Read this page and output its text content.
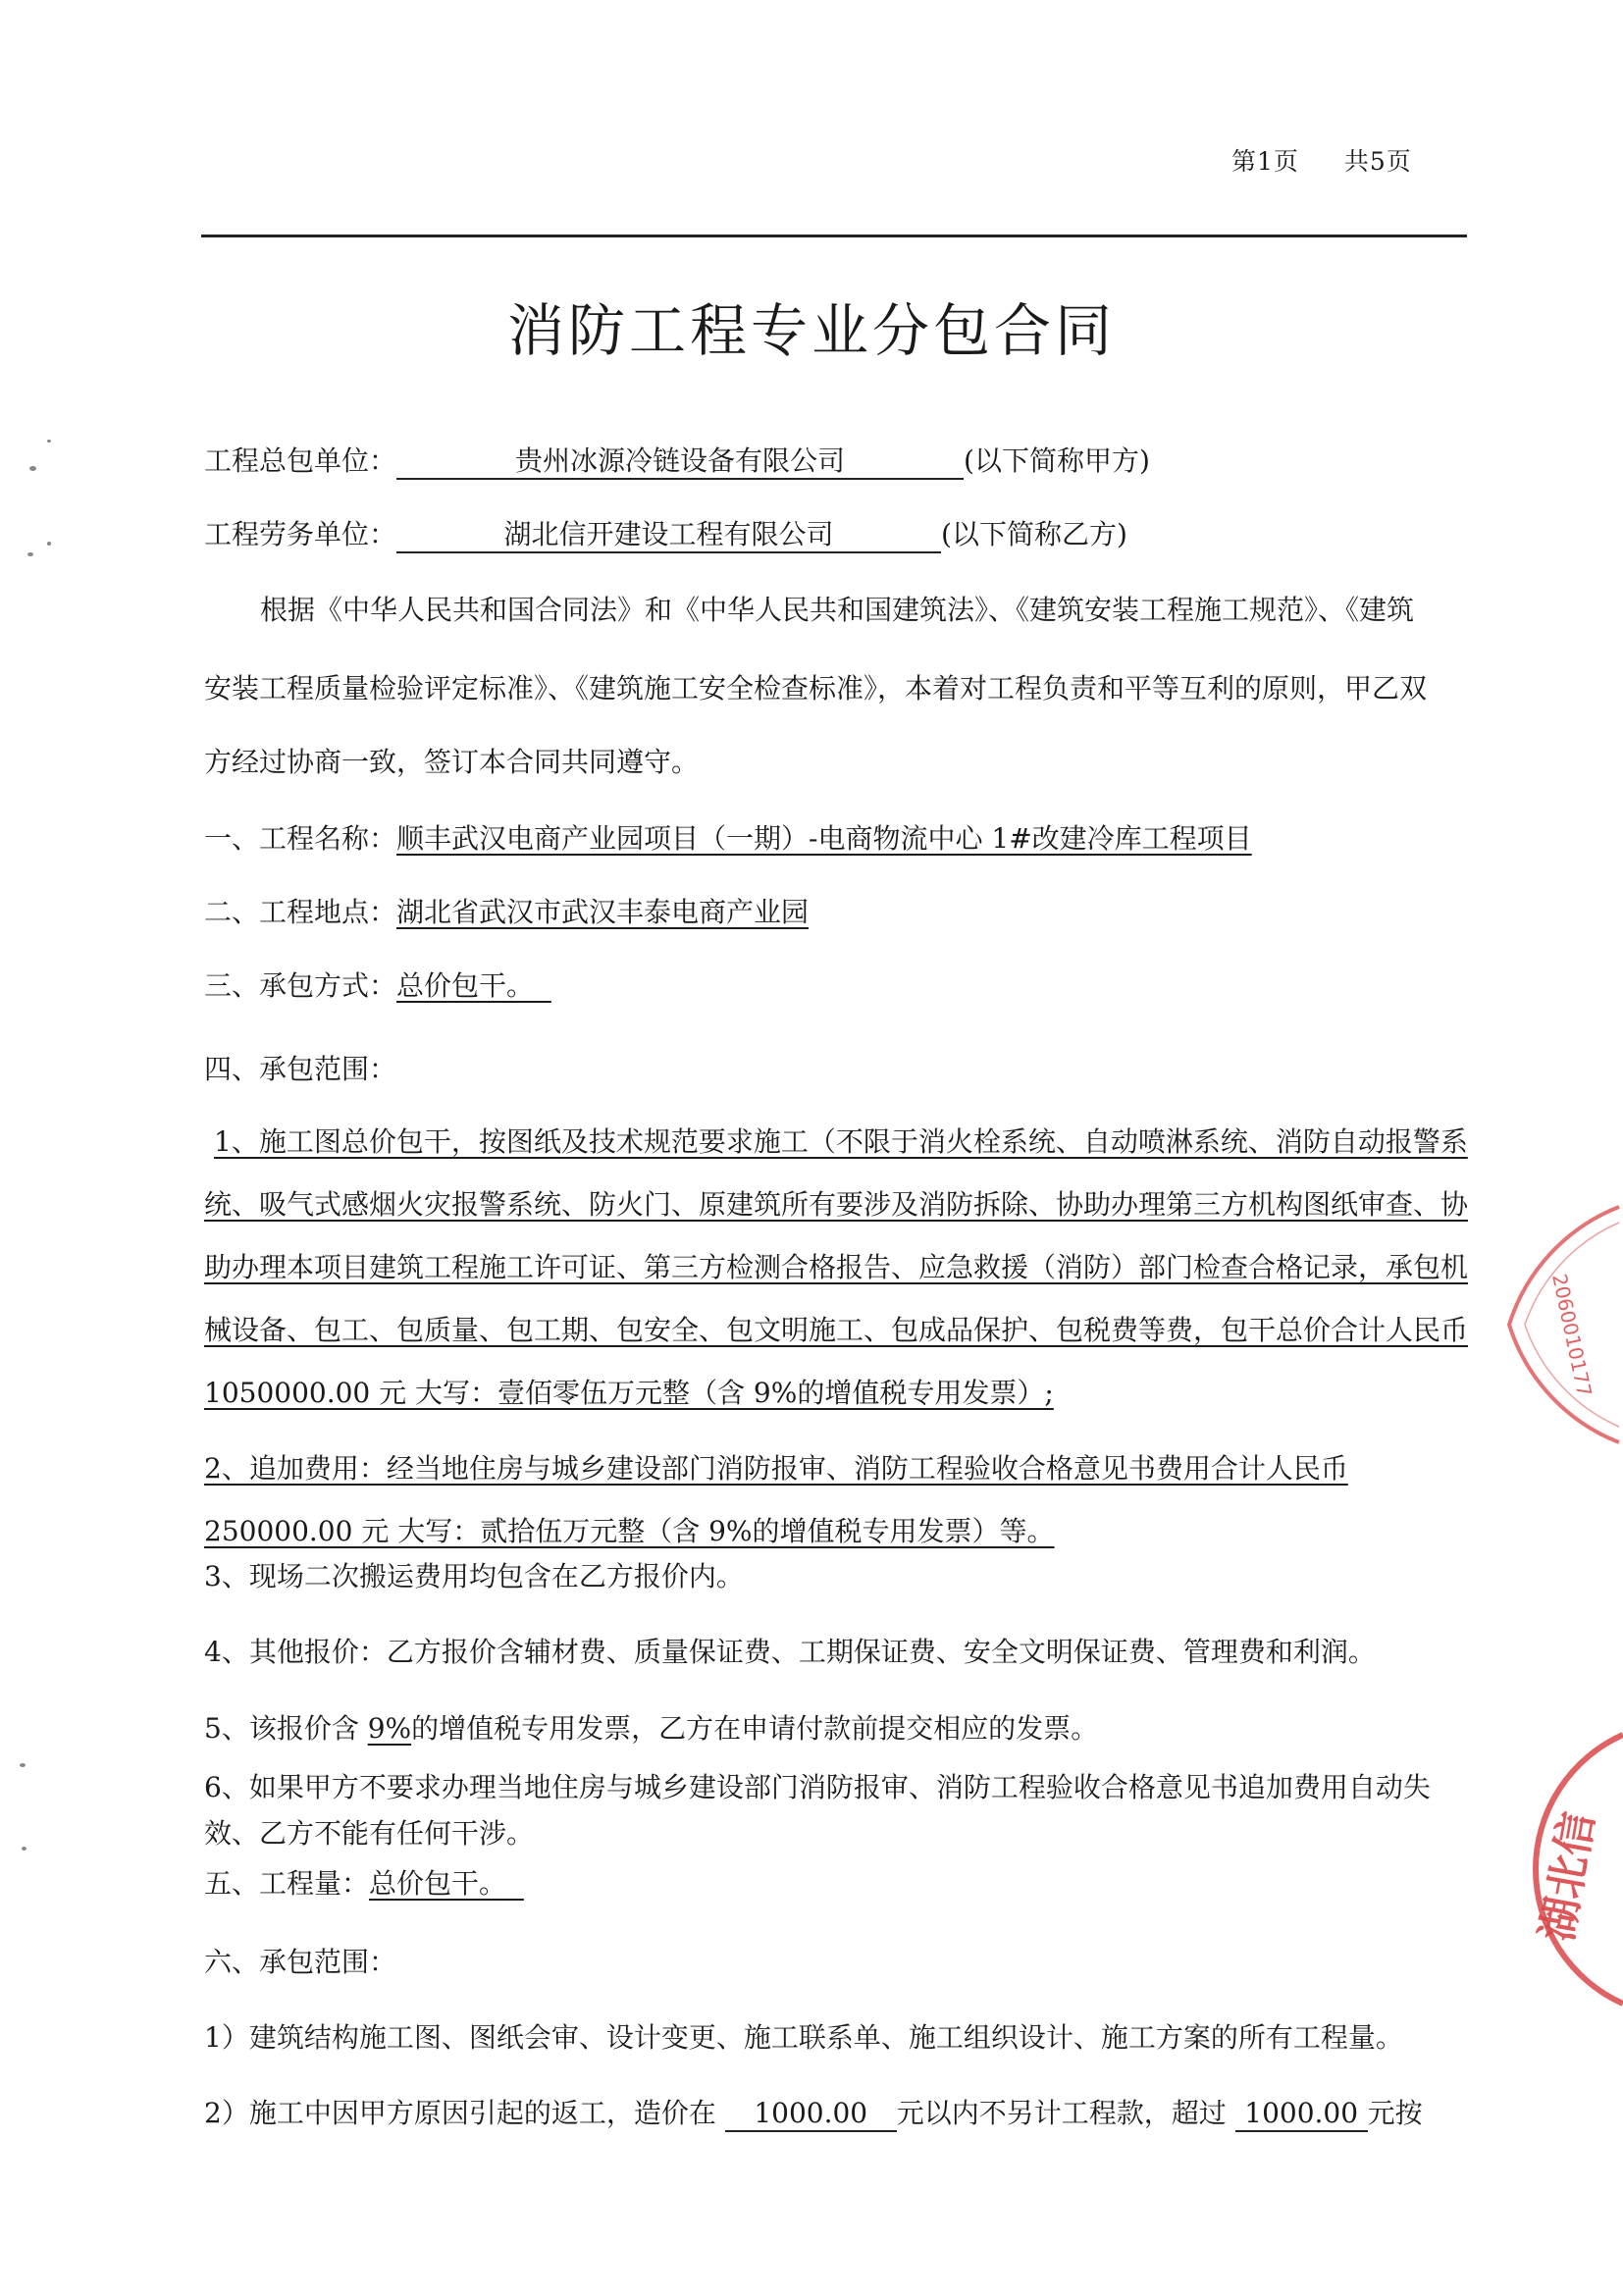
第1页 共5页
消防工程专业分包合同
工程总包单位：	贵州冰源冷链设备有限公司	(以下简称甲方)
工程劳务单位：	湖北信开建设工程有限公司	(以下简称乙方)
根据《中华人民共和国合同法》和《中华人民共和国建筑法》、《建筑安装工程施工规范》、《建筑
安装工程质量检验评定标准》、《建筑施工安全检查标准》，本着对工程负责和平等互利的原则，甲乙双
方经过协商一致，签订本合同共同遵守。
一、工程名称：顺丰武汉电商产业园项目（一期）-电商物流中心 1#改建冷库工程项目
二、工程地点：湖北省武汉市武汉丰泰电商产业园
三、承包方式：总价包干。
四、承包范围：
1、施工图总价包干，按图纸及技术规范要求施工（不限于消火栓系统、自动喷淋系统、消防自动报警系统、吸气式感烟火灾报警系统、防火门、原建筑所有要涉及消防拆除、协助办理第三方机构图纸审查、协助办理本项目建筑工程施工许可证、第三方检测合格报告、应急救援（消防）部门检查合格记录，承包机械设备、包工、包质量、包工期、包安全、包文明施工、包成品保护、包税费等费，包干总价合计人民币 1050000.00 元 大写：壹佰零伍万元整（含 9%的增值税专用发票）;
2、追加费用：经当地住房与城乡建设部门消防报审、消防工程验收合格意见书费用合计人民币 250000.00 元 大写：贰拾伍万元整（含 9%的增值税专用发票）等。
3、现场二次搬运费用均包含在乙方报价内。
4、其他报价：乙方报价含辅材费、质量保证费、工期保证费、安全文明保证费、管理费和利润。
5、该报价含 9%的增值税专用发票，乙方在申请付款前提交相应的发票。
6、如果甲方不要求办理当地住房与城乡建设部门消防报审、消防工程验收合格意见书追加费用自动失效、乙方不能有任何干涉。
五、工程量：总价包干。
六、承包范围：
1）建筑结构施工图、图纸会审、设计变更、施工联系单、施工组织设计、施工方案的所有工程量。
2）施工中因甲方原因引起的返工，造价在 1000.00 元以内不另计工程款，超过 1000.00 元按
2060010177
湖北信
